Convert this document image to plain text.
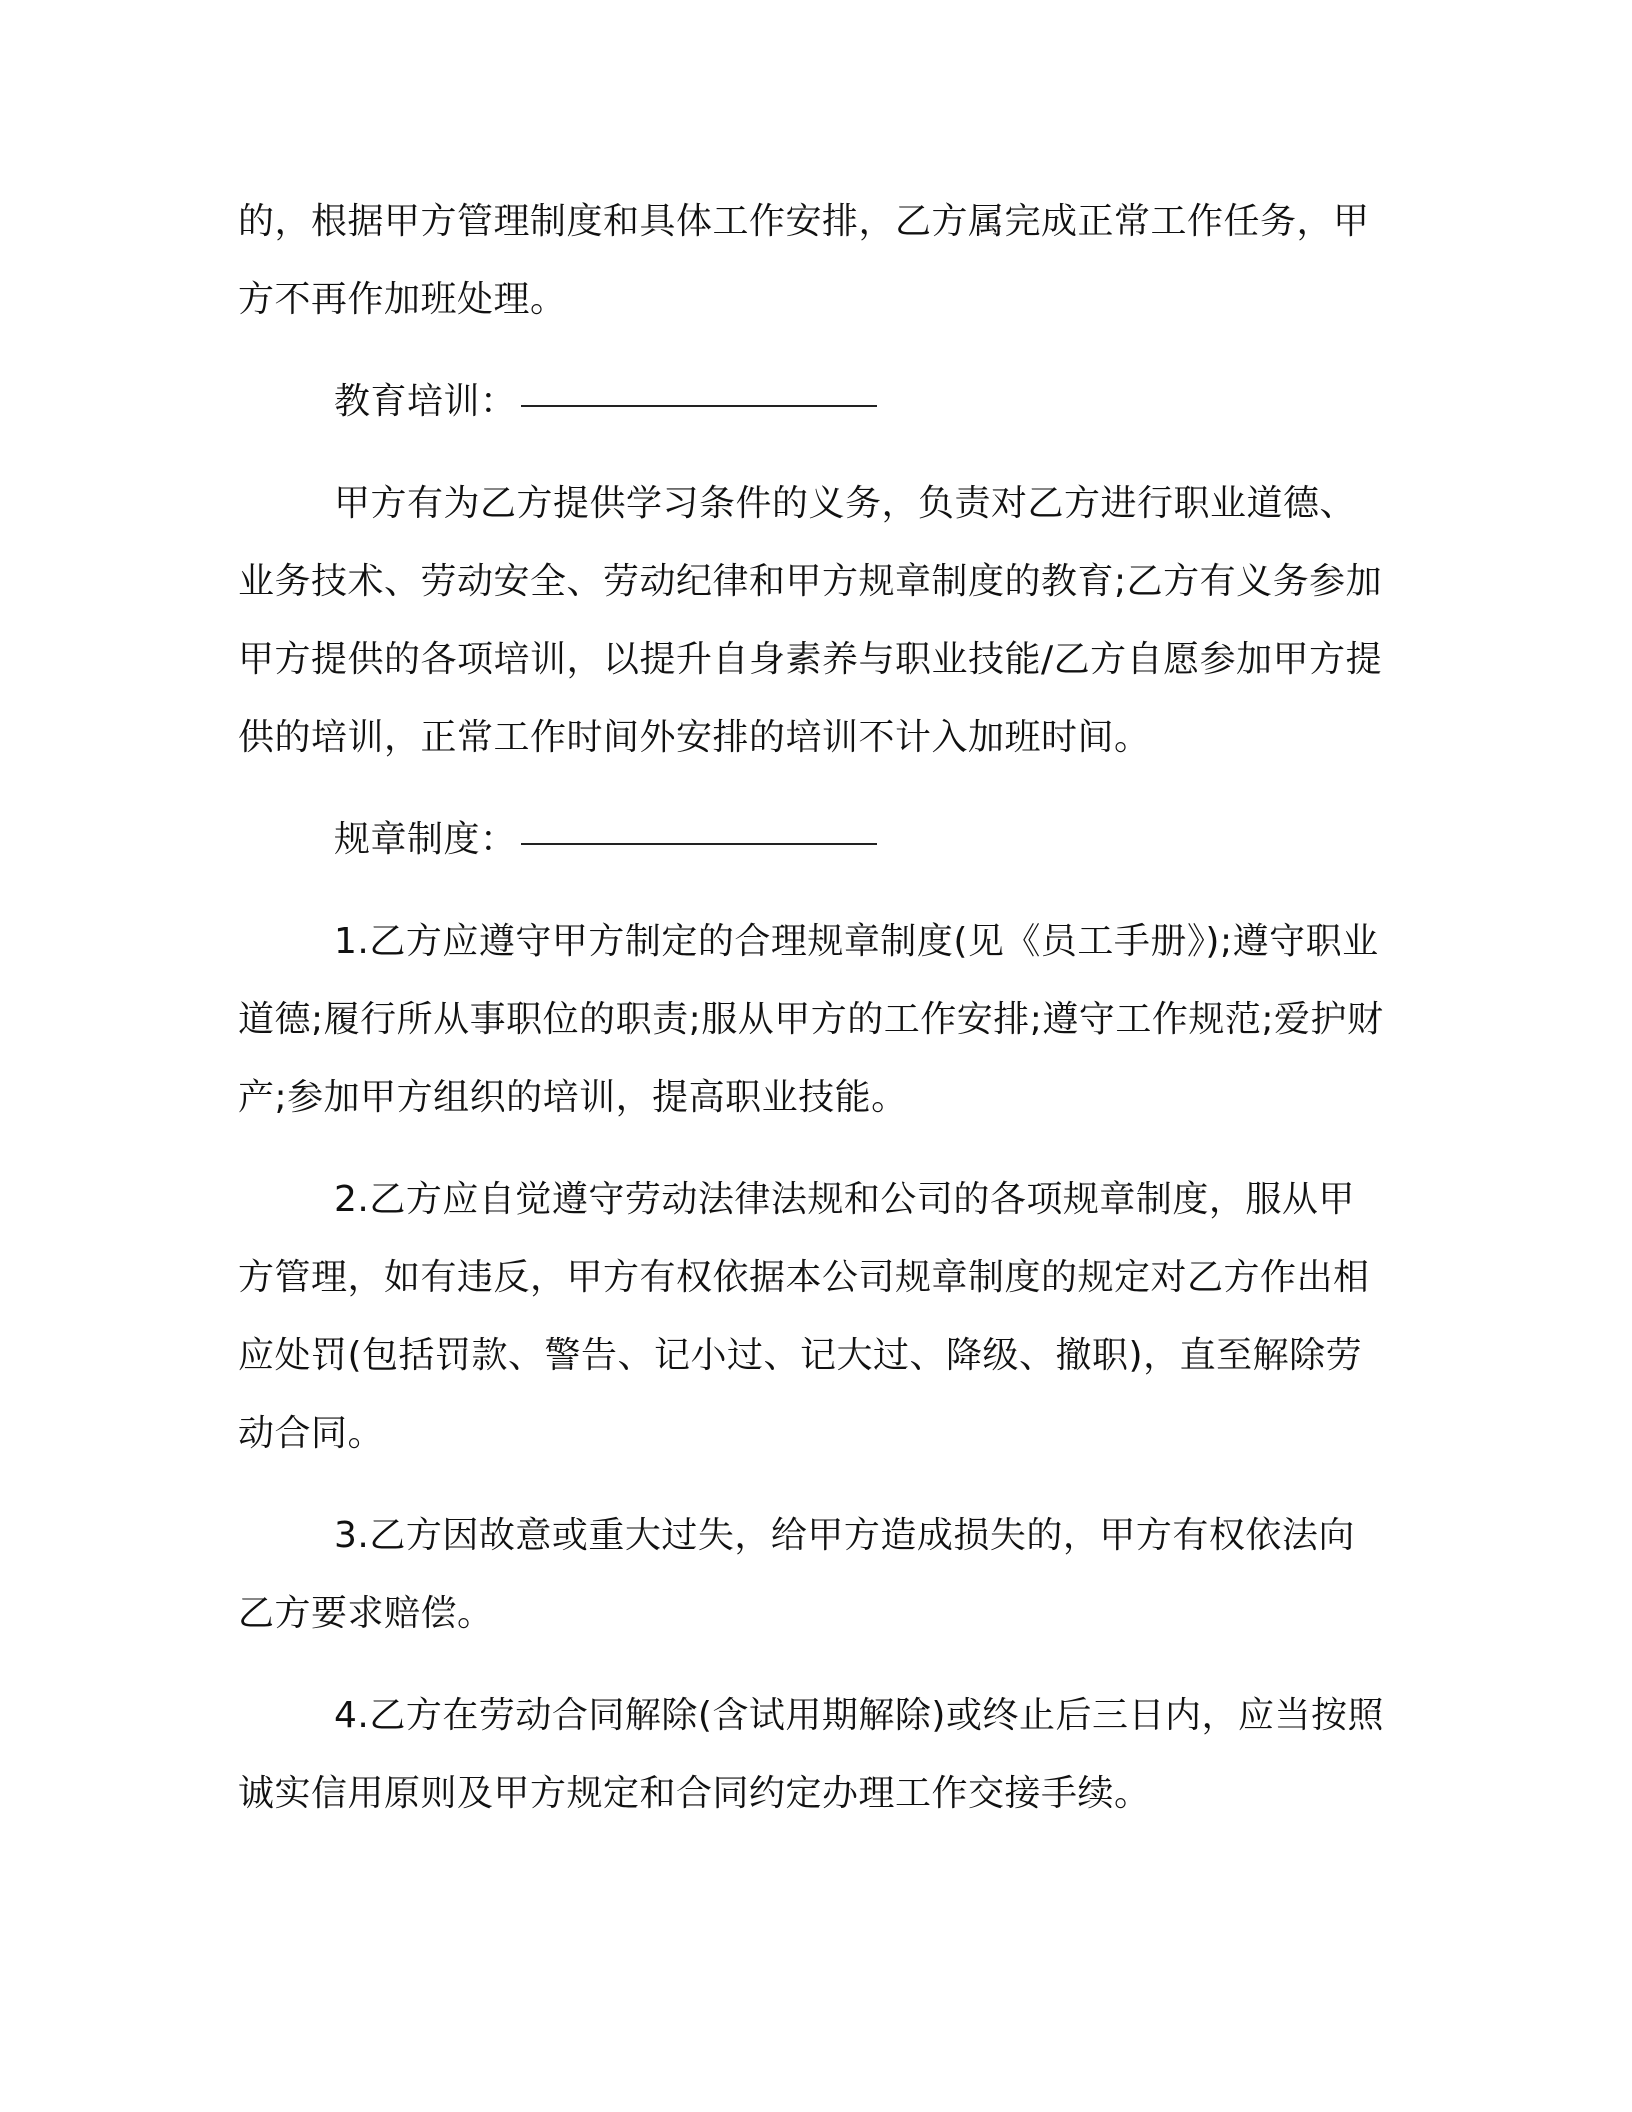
的，根据甲方管理制度和具体工作安排，乙方属完成正常工作任务，甲方不再作加班处理。

教育培训：

甲方有为乙方提供学习条件的义务，负责对乙方进行职业道德、业务技术、劳动安全、劳动纪律和甲方规章制度的教育;乙方有义务参加甲方提供的各项培训，以提升自身素养与职业技能/乙方自愿参加甲方提供的培训，正常工作时间外安排的培训不计入加班时间。

规章制度：

1.乙方应遵守甲方制定的合理规章制度(见《员工手册》);遵守职业道德;履行所从事职位的职责;服从甲方的工作安排;遵守工作规范;爱护财产;参加甲方组织的培训，提高职业技能。

2.乙方应自觉遵守劳动法律法规和公司的各项规章制度，服从甲方管理，如有违反，甲方有权依据本公司规章制度的规定对乙方作出相应处罚(包括罚款、警告、记小过、记大过、降级、撤职)，直至解除劳动合同。

3.乙方因故意或重大过失，给甲方造成损失的，甲方有权依法向乙方要求赔偿。

4.乙方在劳动合同解除(含试用期解除)或终止后三日内，应当按照诚实信用原则及甲方规定和合同约定办理工作交接手续。
